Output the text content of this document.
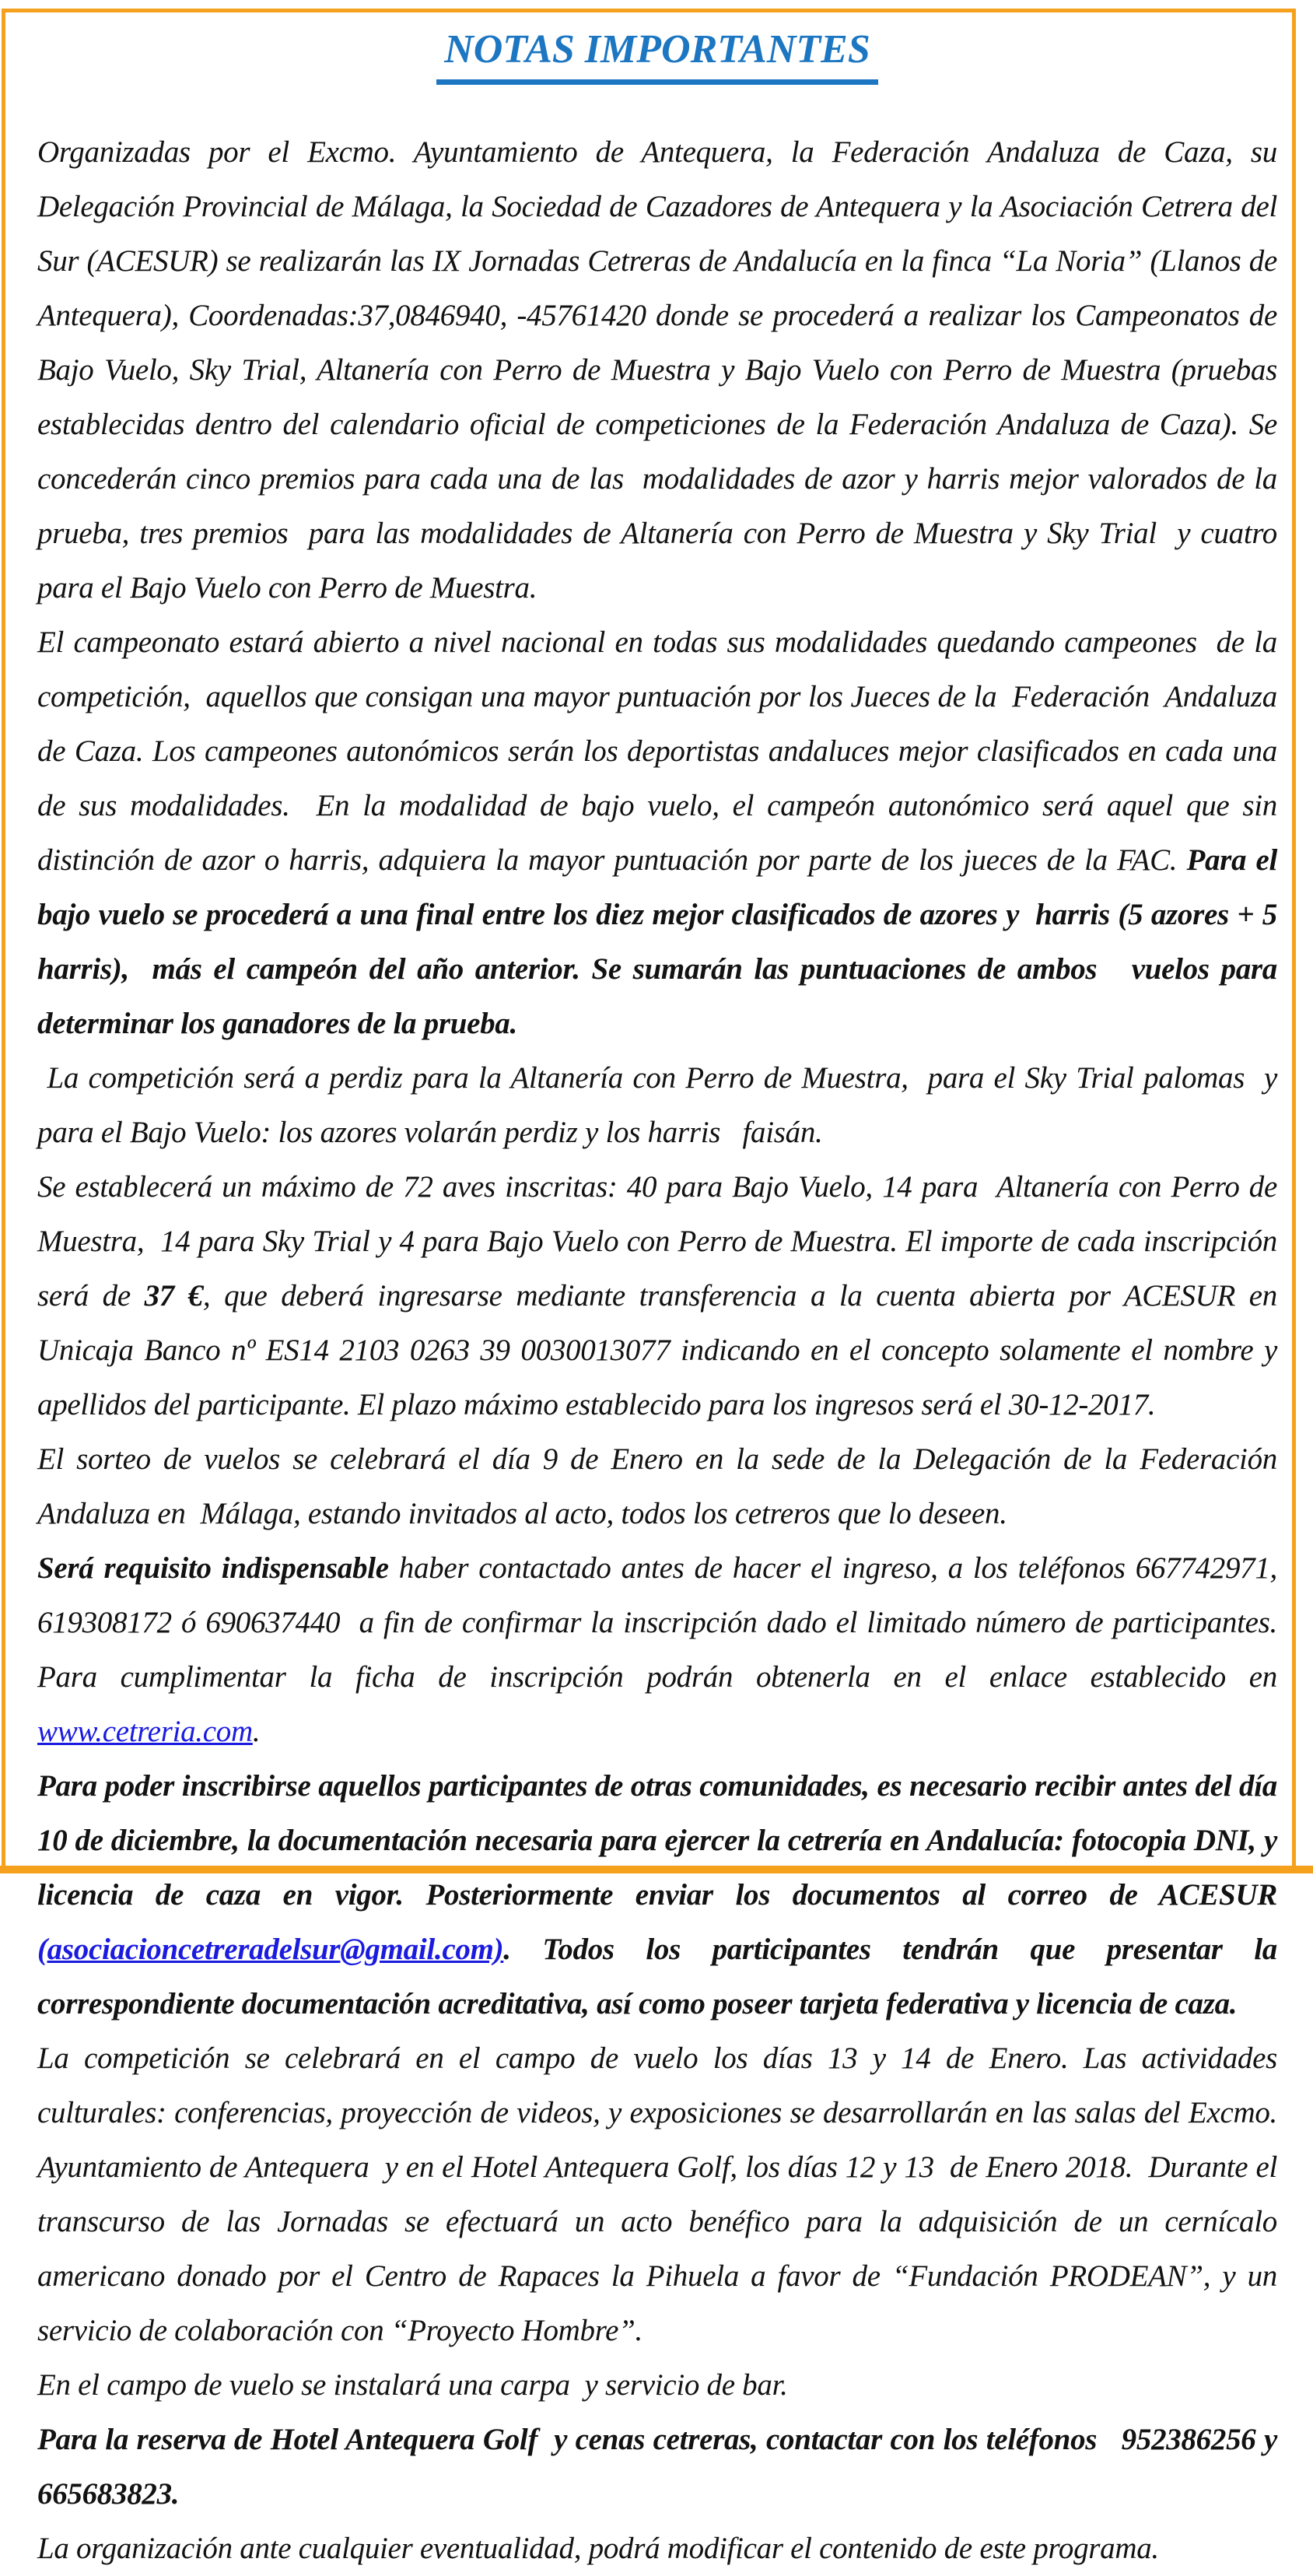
NOTAS IMPORTANTES

Organizadas por el Excmo. Ayuntamiento de Antequera, la Federación Andaluza de Caza, su Delegación Provincial de Málaga, la Sociedad de Cazadores de Antequera y la Asociación Cetrera del Sur (ACESUR) se realizarán las IX Jornadas Cetreras de Andalucía en la finca “La Noria” (Llanos de Antequera), Coordenadas:37,0846940, -45761420 donde se procederá a realizar los Campeonatos de Bajo Vuelo, Sky Trial, Altanería con Perro de Muestra y Bajo Vuelo con Perro de Muestra (pruebas establecidas dentro del calendario oficial de competiciones de la Federación Andaluza de Caza). Se concederán cinco premios para cada una de las  modalidades de azor y harris mejor valorados de la prueba, tres premios  para las modalidades de Altanería con Perro de Muestra y Sky Trial  y cuatro para el Bajo Vuelo con Perro de Muestra.

El campeonato estará abierto a nivel nacional en todas sus modalidades quedando campeones  de la competición,  aquellos que consigan una mayor puntuación por los Jueces de la  Federación  Andaluza de Caza. Los campeones autonómicos serán los deportistas andaluces mejor clasificados en cada una de sus modalidades.  En la modalidad de bajo vuelo, el campeón autonómico será aquel que sin distinción de azor o harris, adquiera la mayor puntuación por parte de los jueces de la FAC. Para el bajo vuelo se procederá a una final entre los diez mejor clasificados de azores y  harris (5 azores + 5 harris),  más el campeón del año anterior. Se sumarán las puntuaciones de ambos   vuelos para determinar los ganadores de la prueba.

La competición será a perdiz para la Altanería con Perro de Muestra,  para el Sky Trial palomas  y para el Bajo Vuelo: los azores volarán perdiz y los harris   faisán.

Se establecerá un máximo de 72 aves inscritas: 40 para Bajo Vuelo, 14 para  Altanería con Perro de Muestra,  14 para Sky Trial y 4 para Bajo Vuelo con Perro de Muestra. El importe de cada inscripción será de 37 €, que deberá ingresarse mediante transferencia a la cuenta abierta por ACESUR en Unicaja Banco nº ES14 2103 0263 39 0030013077 indicando en el concepto solamente el nombre y apellidos del participante. El plazo máximo establecido para los ingresos será el 30-12-2017.

El sorteo de vuelos se celebrará el día 9 de Enero en la sede de la Delegación de la Federación Andaluza en  Málaga, estando invitados al acto, todos los cetreros que lo deseen.

Será requisito indispensable haber contactado antes de hacer el ingreso, a los teléfonos 667742971, 619308172 ó 690637440  a fin de confirmar la inscripción dado el limitado número de participantes. Para cumplimentar la ficha de inscripción podrán obtenerla en el enlace establecido en www.cetreria.com.

Para poder inscribirse aquellos participantes de otras comunidades, es necesario recibir antes del día 10 de diciembre, la documentación necesaria para ejercer la cetrería en Andalucía: fotocopia DNI, y licencia de caza en vigor. Posteriormente enviar los documentos al correo de ACESUR (asociacioncetreradelsur@gmail.com). Todos los participantes tendrán que presentar la correspondiente documentación acreditativa, así como poseer tarjeta federativa y licencia de caza.

La competición se celebrará en el campo de vuelo los días 13 y 14 de Enero. Las actividades culturales: conferencias, proyección de videos, y exposiciones se desarrollarán en las salas del Excmo. Ayuntamiento de Antequera  y en el Hotel Antequera Golf, los días 12 y 13  de Enero 2018.  Durante el transcurso de las Jornadas se efectuará un acto benéfico para la adquisición de un cernícalo americano donado por el Centro de Rapaces la Pihuela a favor de “Fundación PRODEAN”, y un servicio de colaboración con “Proyecto Hombre”.

En el campo de vuelo se instalará una carpa  y servicio de bar.

Para la reserva de Hotel Antequera Golf  y cenas cetreras, contactar con los teléfonos   952386256 y 665683823.

La organización ante cualquier eventualidad, podrá modificar el contenido de este programa.
